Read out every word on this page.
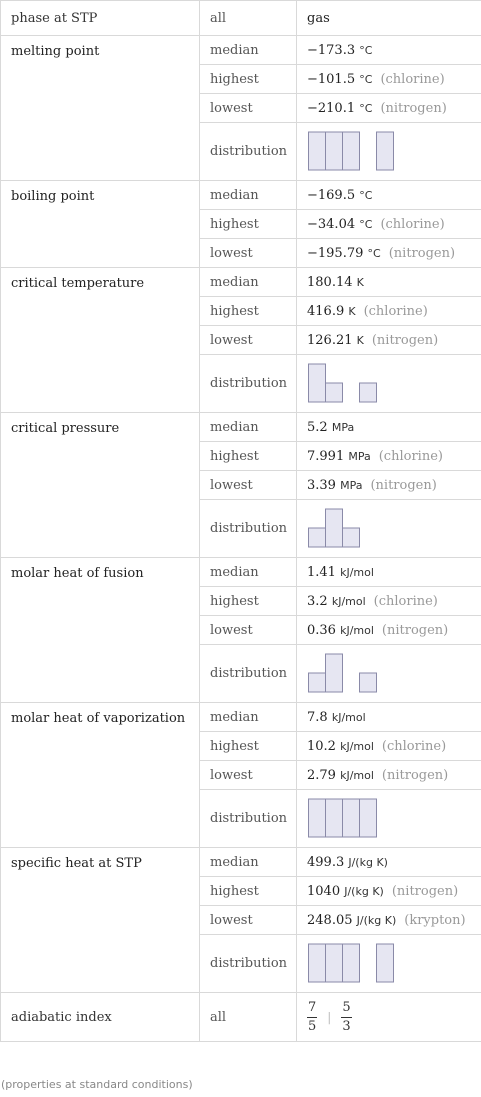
phase at STP	all	gas
melting point	median	−173.3 °C
	highest	−101.5 °C (chlorine)
	lowest	−210.1 °C (nitrogen)
	distribution	

boiling point	median	−169.5 °C
	highest	−34.04 °C (chlorine)
	lowest	−195.79 °C (nitrogen)
critical temperature	median	180.14 K
	highest	416.9 K (chlorine)
	lowest	126.21 K (nitrogen)
	distribution	

critical pressure	median	5.2 MPa
	highest	7.991 MPa (chlorine)
	lowest	3.39 MPa (nitrogen)
	distribution	

molar heat of fusion	median	1.41 kJ/mol
	highest	3.2 kJ/mol (chlorine)
	lowest	0.36 kJ/mol (nitrogen)
	distribution	

molar heat of vaporization	median	7.8 kJ/mol
	highest	10.2 kJ/mol (chlorine)
	lowest	2.79 kJ/mol (nitrogen)
	distribution	

specific heat at STP	median	499.3 J/(kg K)
	highest	1040 J/(kg K) (nitrogen)
	lowest	248.05 J/(kg K) (krypton)
	distribution	

adiabatic index	all	$\frac{7}{5}$ | $\frac{5}{3}$
(properties at standard conditions)
